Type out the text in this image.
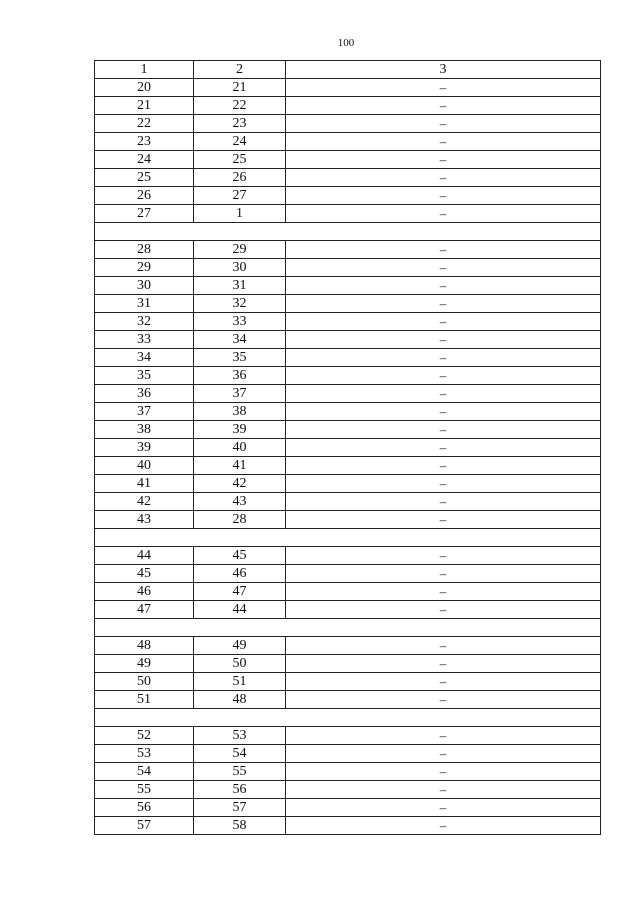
100
1	2	3
20	21	–
21	22	–
22	23	–
23	24	–
24	25	–
25	26	–
26	27	–
27	1	–

28	29	–
29	30	–
30	31	–
31	32	–
32	33	–
33	34	–
34	35	–
35	36	–
36	37	–
37	38	–
38	39	–
39	40	–
40	41	–
41	42	–
42	43	–
43	28	–

44	45	–
45	46	–
46	47	–
47	44	–

48	49	–
49	50	–
50	51	–
51	48	–

52	53	–
53	54	–
54	55	–
55	56	–
56	57	–
57	58	–
